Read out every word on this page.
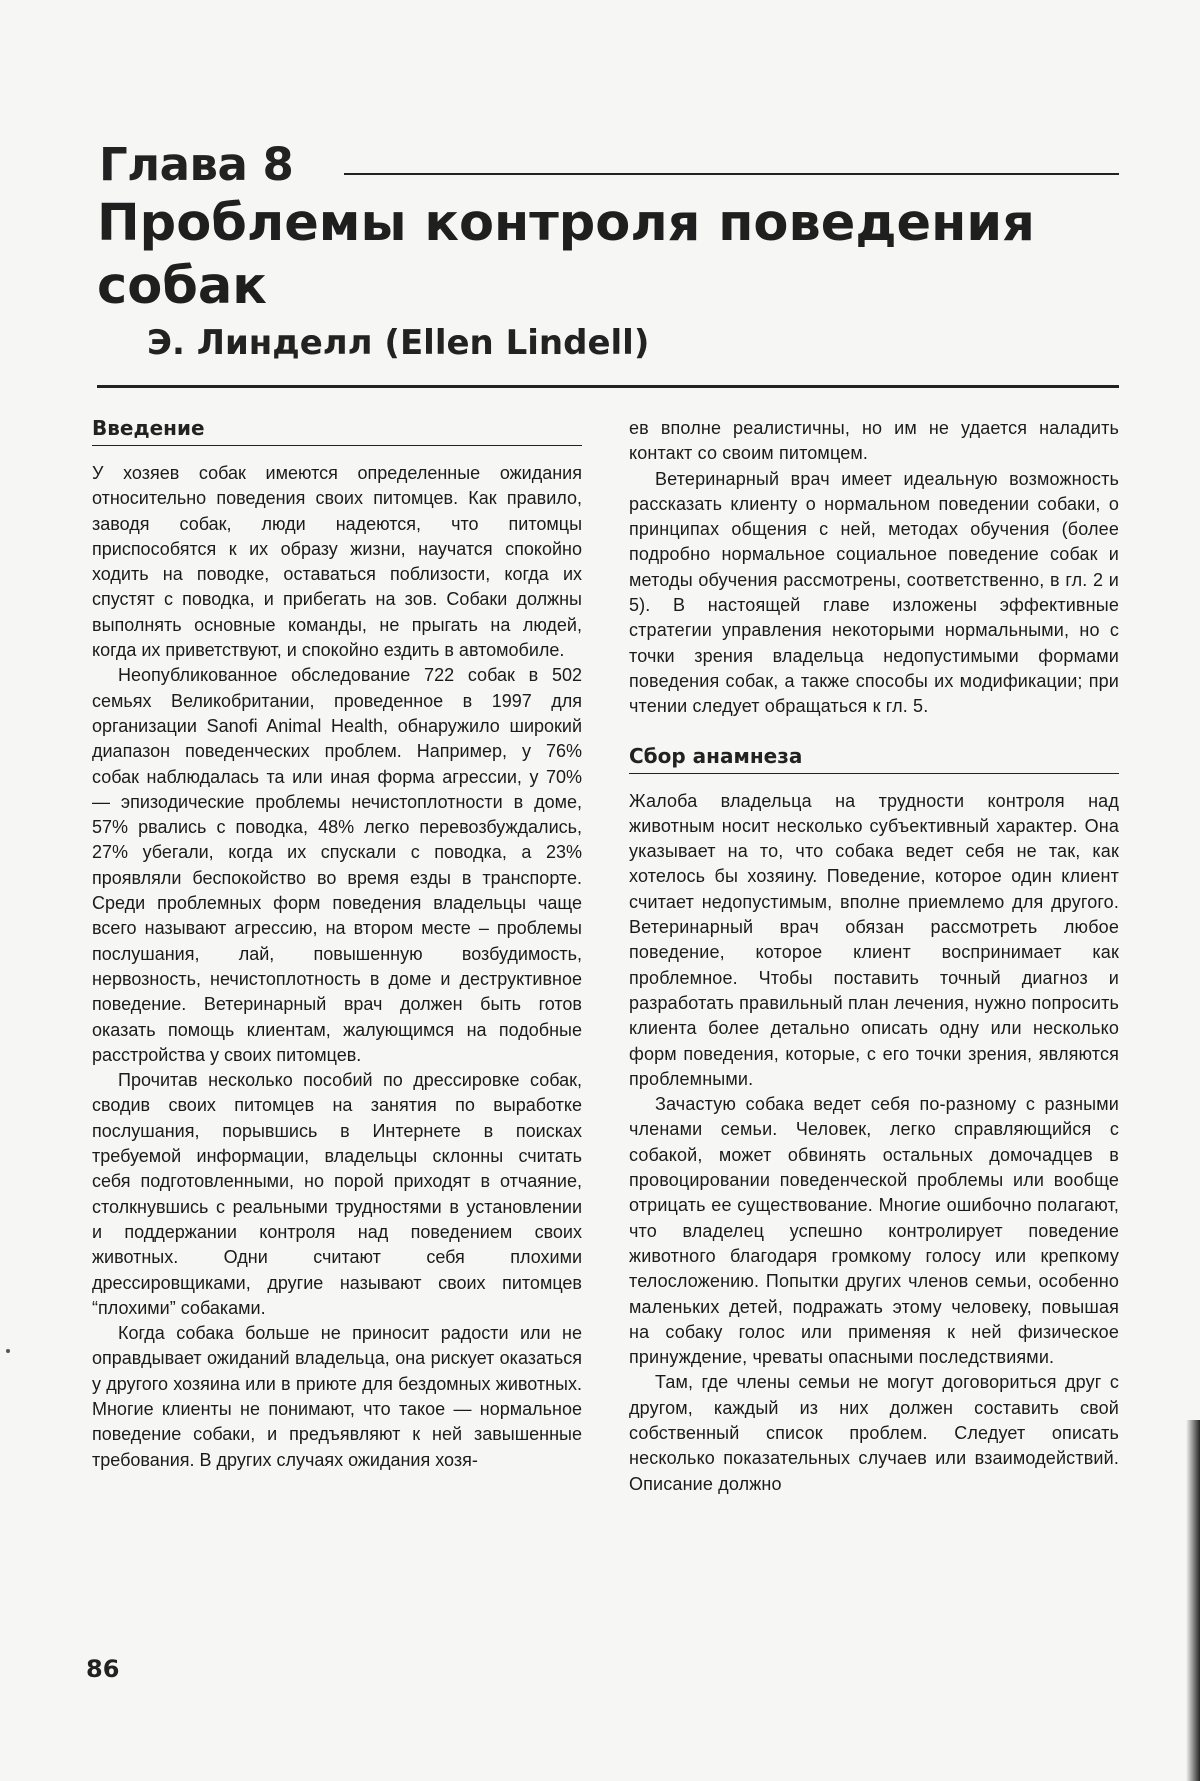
Глава 8
Проблемы контроля поведения собак
Э. Линделл (Ellen Lindell)
Введение

У хозяев собак имеются определенные ожидания относительно поведения своих питомцев. Как правило, заводя собак, люди надеются, что питомцы приспособятся к их образу жизни, научатся спокойно ходить на поводке, оставаться поблизости, когда их спустят с поводка, и прибегать на зов. Собаки должны выполнять основные команды, не прыгать на людей, когда их приветствуют, и спокойно ездить в автомобиле.

Неопубликованное обследование 722 собак в 502 семьях Великобритании, проведенное в 1997 для организации Sanofi Animal Health, обнаружило широкий диапазон поведенческих проблем. Например, у 76% собак наблюдалась та или иная форма агрессии, у 70% — эпизодические проблемы нечистоплотности в доме, 57% рвались с поводка, 48% легко перевозбуждались, 27% убегали, когда их спускали с поводка, а 23% проявляли беспокойство во время езды в транспорте. Среди проблемных форм поведения владельцы чаще всего называют агрессию, на втором месте – проблемы послушания, лай, повышенную возбудимость, нервозность, нечистоплотность в доме и деструктивное поведение. Ветеринарный врач должен быть готов оказать помощь клиентам, жалующимся на подобные расстройства у своих питомцев.

Прочитав несколько пособий по дрессировке собак, сводив своих питомцев на занятия по выработке послушания, порывшись в Интернете в поисках требуемой информации, владельцы склонны считать себя подготовленными, но порой приходят в отчаяние, столкнувшись с реальными трудностями в установлении и поддержании контроля над поведением своих животных. Одни считают себя плохими дрессировщиками, другие называют своих питомцев “плохими” собаками.

Когда собака больше не приносит радости или не оправдывает ожиданий владельца, она рискует оказаться у другого хозяина или в приюте для бездомных животных. Многие клиенты не понимают, что такое — нормальное поведение собаки, и предъявляют к ней завышенные требования. В других случаях ожидания хозя-

ев вполне реалистичны, но им не удается наладить контакт со своим питомцем.

Ветеринарный врач имеет идеальную возможность рассказать клиенту о нормальном поведении собаки, о принципах общения с ней, методах обучения (более подробно нормальное социальное поведение собак и методы обучения рассмотрены, соответственно, в гл. 2 и 5). В настоящей главе изложены эффективные стратегии управления некоторыми нормальными, но с точки зрения владельца недопустимыми формами поведения собак, а также способы их модификации; при чтении следует обращаться к гл. 5.

Сбор анамнеза

Жалоба владельца на трудности контроля над животным носит несколько субъективный характер. Она указывает на то, что собака ведет себя не так, как хотелось бы хозяину. Поведение, которое один клиент считает недопустимым, вполне приемлемо для другого. Ветеринарный врач обязан рассмотреть любое поведение, которое клиент воспринимает как проблемное. Чтобы поставить точный диагноз и разработать правильный план лечения, нужно попросить клиента более детально описать одну или несколько форм поведения, которые, с его точки зрения, являются проблемными.

Зачастую собака ведет себя по-разному с разными членами семьи. Человек, легко справляющийся с собакой, может обвинять остальных домочадцев в провоцировании поведенческой проблемы или вообще отрицать ее существование. Многие ошибочно полагают, что владелец успешно контролирует поведение животного благодаря громкому голосу или крепкому телосложению. Попытки других членов семьи, особенно маленьких детей, подражать этому человеку, повышая на собаку голос или применяя к ней физическое принуждение, чреваты опасными последствиями.

Там, где члены семьи не могут договориться друг с другом, каждый из них должен составить свой собственный список проблем. Следует описать несколько показательных случаев или взаимодействий. Описание должно

86
